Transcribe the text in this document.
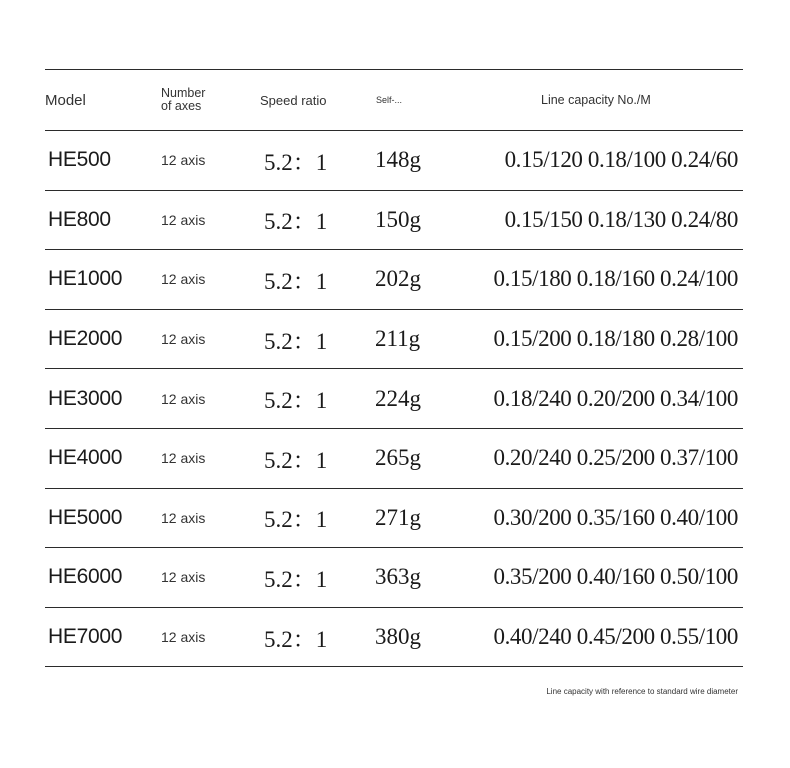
Model	Number
of axes	Speed ratio	Self-...	Line capacity No./M
HE500	12 axis	5.2：1 148g	0.15/120 0.18/100 0.24/60
HE800	12 axis	5.2：1 150g	0.15/150 0.18/130 0.24/80
HE1000	12 axis	5.2：1 202g	0.15/180 0.18/160 0.24/100
HE2000	12 axis	5.2：1 211g	0.15/200 0.18/180 0.28/100
HE3000	12 axis	5.2：1 224g	0.18/240 0.20/200 0.34/100
HE4000	12 axis	5.2：1 265g	0.20/240 0.25/200 0.37/100
HE5000	12 axis	5.2：1 271g	0.30/200 0.35/160 0.40/100
HE6000	12 axis	5.2：1 363g	0.35/200 0.40/160 0.50/100
HE7000	12 axis	5.2：1 380g	0.40/240 0.45/200 0.55/100
Line capacity with reference to standard wire diameter
